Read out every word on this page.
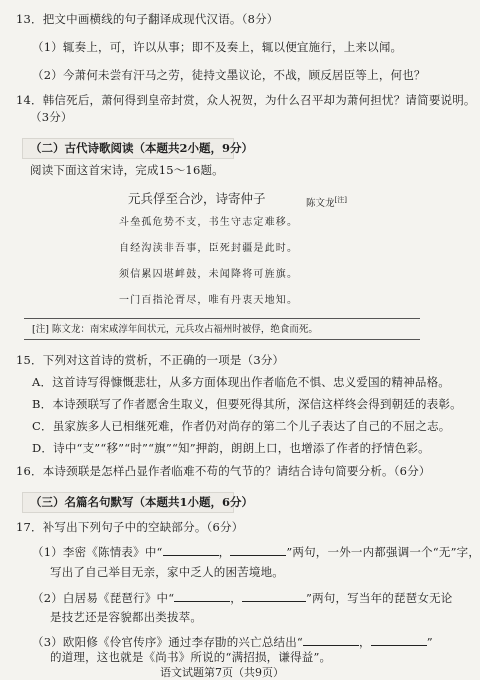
13．把文中画横线的句子翻译成现代汉语。（8分）
（1）辄奏上，可，许以从事；即不及奏上，辄以便宜施行，上来以闻。
（2）今萧何未尝有汗马之劳，徒持文墨议论，不战，顾反居臣等上，何也？
14．韩信死后，萧何得到皇帝封赏，众人祝贺，为什么召平却为萧何担忧？请简要说明。
（3分）
（二）古代诗歌阅读（本题共2小题，9分）
阅读下面这首宋诗，完成15～16题。
元兵俘至合沙，诗寄仲子	陈文龙[注]
斗垒孤危势不支，书生守志定难移。
自经沟渎非吾事，臣死封疆是此时。
须信累囚堪衅鼓，未闻降将可旌旗。
一门百指沦胥尽，唯有丹衷天地知。
[注] 陈文龙：南宋咸淳年间状元，元兵攻占福州时被俘，绝食而死。
15．下列对这首诗的赏析，不正确的一项是（3分）
A．这首诗写得慷慨悲壮，从多方面体现出作者临危不惧、忠义爱国的精神品格。
B．本诗颈联写了作者愿舍生取义，但要死得其所，深信这样终会得到朝廷的表彰。
C．虽家族多人已相继死难，作者仍对尚存的第二个儿子表达了自己的不屈之志。
D．诗中“支”“移”“时”“旗”“知”押韵，朗朗上口，也增添了作者的抒情色彩。
16．本诗颈联是怎样凸显作者临难不苟的气节的？请结合诗句简要分析。（6分）
（三）名篇名句默写（本题共1小题，6分）
17．补写出下列句子中的空缺部分。（6分）
（1）李密《陈情表》中“	，	”两句，一外一内都强调一个“无”字，
写出了自己举目无亲，家中乏人的困苦境地。
（2）白居易《琵琶行》中“	，	”两句，写当年的琵琶女无论
是技艺还是容貌都出类拔萃。
（3）欧阳修《伶官传序》通过李存勖的兴亡总结出“	，	”
的道理，这也就是《尚书》所说的“满招损，谦得益”。
语文试题第7页（共9页）
